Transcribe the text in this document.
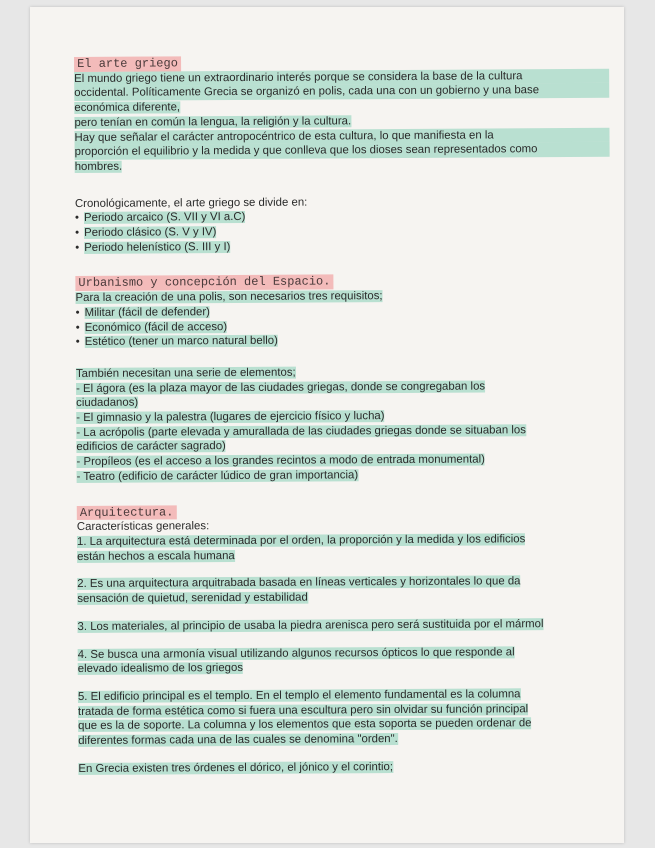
El arte griego
El mundo griego tiene un extraordinario interés porque se considera la base de la cultura
occidental. Políticamente Grecia se organizó en polis, cada una con un gobierno y una base
económica diferente,
pero tenían en común la lengua, la religión y la cultura.
Hay que señalar el carácter antropocéntrico de esta cultura, lo que manifiesta en la
proporción el equilibrio y la medida y que conlleva que los dioses sean representados como
hombres.
Cronológicamente, el arte griego se divide en:
• Periodo arcaico (S. VII y VI a.C)
• Periodo clásico (S. V y IV)
• Periodo helenístico (S. III y I)
Urbanismo y concepción del Espacio.
Para la creación de una polis, son necesarios tres requisitos;
• Militar (fácil de defender)
• Económico (fácil de acceso)
• Estético (tener un marco natural bello)
También necesitan una serie de elementos;
- El ágora (es la plaza mayor de las ciudades griegas, donde se congregaban los
ciudadanos)
- El gimnasio y la palestra (lugares de ejercicio físico y lucha)
- La acrópolis (parte elevada y amurallada de las ciudades griegas donde se situaban los
edificios de carácter sagrado)
- Propíleos (es el acceso a los grandes recintos a modo de entrada monumental)
- Teatro (edificio de carácter lúdico de gran importancia)
Arquitectura.
Características generales:
1. La arquitectura está determinada por el orden, la proporción y la medida y los edificios
están hechos a escala humana
2. Es una arquitectura arquitrabada basada en líneas verticales y horizontales lo que da
sensación de quietud, serenidad y estabilidad
3. Los materiales, al principio de usaba la piedra arenisca pero será sustituida por el mármol
4. Se busca una armonía visual utilizando algunos recursos ópticos lo que responde al
elevado idealismo de los griegos
5. El edificio principal es el templo. En el templo el elemento fundamental es la columna
tratada de forma estética como si fuera una escultura pero sin olvidar su función principal
que es la de soporte. La columna y los elementos que esta soporta se pueden ordenar de
diferentes formas cada una de las cuales se denomina "orden".
En Grecia existen tres órdenes el dórico, el jónico y el corintio;
